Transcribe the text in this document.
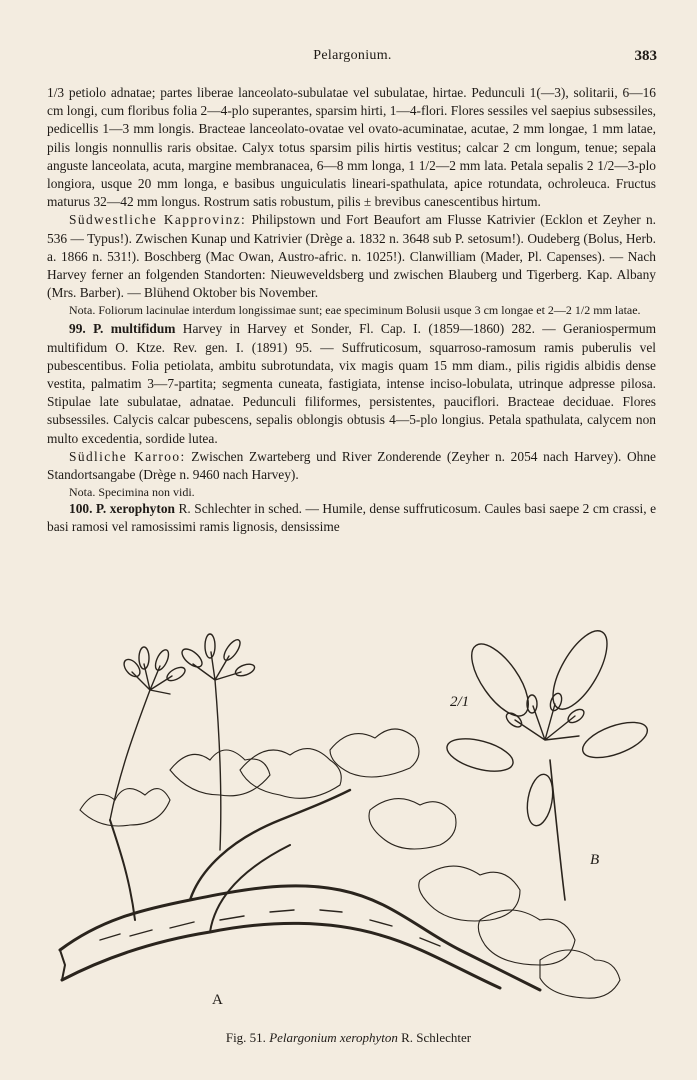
Pelargonium.	383

1/3 petiolo adnatae; partes liberae lanceolato-subulatae vel subulatae, hirtae. Pedunculi 1(—3), solitarii, 6—16 cm longi, cum floribus folia 2—4-plo superantes, sparsim hirti, 1—4-flori. Flores sessiles vel saepius subsessiles, pedicellis 1—3 mm longis. Bracteae lanceolato-ovatae vel ovato-acuminatae, acutae, 2 mm longae, 1 mm latae, pilis longis nonnullis raris obsitae. Calyx totus sparsim pilis hirtis vestitus; calcar 2 cm longum, tenue; sepala anguste lanceolata, acuta, margine membranacea, 6—8 mm longa, 1 1/2—2 mm lata. Petala sepalis 2 1/2—3-plo longiora, usque 20 mm longa, e basibus unguiculatis lineari-spathulata, apice rotundata, ochroleuca. Fructus maturus 32—42 mm longus. Rostrum satis robustum, pilis ± brevibus canescentibus hirtum.

Südwestliche Kapprovinz: Philipstown und Fort Beaufort am Flusse Katrivier (Ecklon et Zeyher n. 536 — Typus!). Zwischen Kunap und Katrivier (Drège a. 1832 n. 3648 sub P. setosum!). Oudeberg (Bolus, Herb. a. 1866 n. 531!). Boschberg (Mac Owan, Austro-afric. n. 1025!). Clanwilliam (Mader, Pl. Capenses). — Nach Harvey ferner an folgenden Standorten: Nieuweveldsberg und zwischen Blauberg und Tigerberg. Kap. Albany (Mrs. Barber). — Blühend Oktober bis November.

Nota. Foliorum lacinulae interdum longissimae sunt; eae speciminum Bolusii usque 3 cm longae et 2—2 1/2 mm latae.

99. P. multifidum Harvey in Harvey et Sonder, Fl. Cap. I. (1859—1860) 282. — Geraniospermum multifidum O. Ktze. Rev. gen. I. (1891) 95. — Suffruticosum, squarroso-ramosum ramis puberulis vel pubescentibus. Folia petiolata, ambitu subrotundata, vix magis quam 15 mm diam., pilis rigidis albidis dense vestita, palmatim 3—7-partita; segmenta cuneata, fastigiata, intense inciso-lobulata, utrinque adpresse pilosa. Stipulae late subulatae, adnatae. Pedunculi filiformes, persistentes, pauciflori. Bracteae deciduae. Flores subsessiles. Calycis calcar pubescens, sepalis oblongis obtusis 4—5-plo longius. Petala spathulata, calycem non multo excedentia, sordide lutea.

Südliche Karroo: Zwischen Zwarteberg und River Zonderende (Zeyher n. 2054 nach Harvey). Ohne Standortsangabe (Drège n. 9460 nach Harvey).

Nota. Specimina non vidi.

100. P. xerophyton R. Schlechter in sched. — Humile, dense suffruticosum. Caules basi saepe 2 cm crassi, e basi ramosi vel ramosissimi ramis lignosis, densissime

2/1
B
A
Fig. 51. Pelargonium xerophyton R. Schlechter
